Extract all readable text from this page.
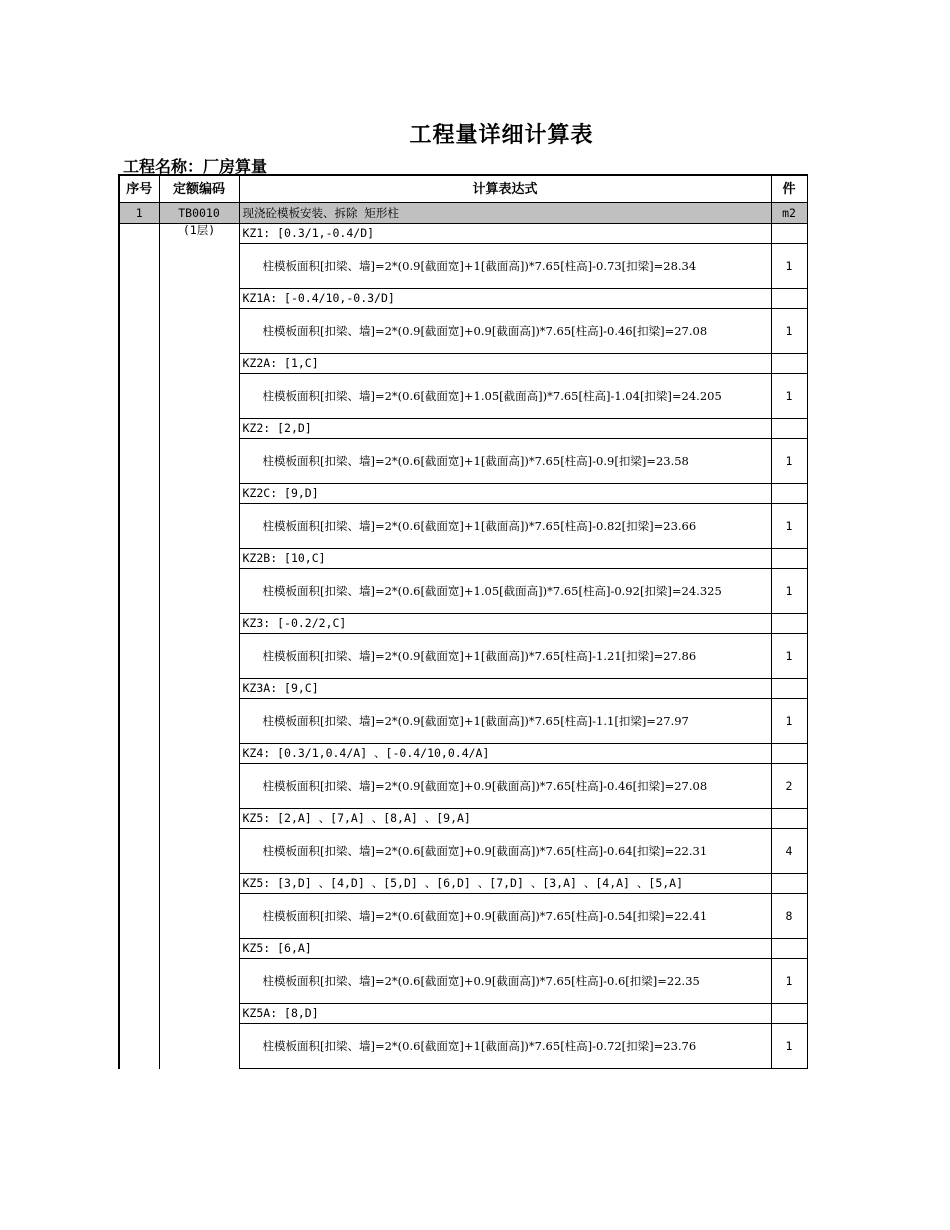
工程量详细计算表
工程名称：厂房算量
序号	定额编码	计算表达式	件
1	TB0010	现浇砼模板安装、拆除 矩形柱	m2
	(1层)	KZ1: [0.3/1,-0.4/D]	
		柱模板面积[扣梁、墙]=2*(0.9[截面宽]+1[截面高])*7.65[柱高]-0.73[扣梁]=28.34	1
		KZ1A: [-0.4/10,-0.3/D]	
		柱模板面积[扣梁、墙]=2*(0.9[截面宽]+0.9[截面高])*7.65[柱高]-0.46[扣梁]=27.08	1
		KZ2A: [1,C]	
		柱模板面积[扣梁、墙]=2*(0.6[截面宽]+1.05[截面高])*7.65[柱高]-1.04[扣梁]=24.205	1
		KZ2: [2,D]	
		柱模板面积[扣梁、墙]=2*(0.6[截面宽]+1[截面高])*7.65[柱高]-0.9[扣梁]=23.58	1
		KZ2C: [9,D]	
		柱模板面积[扣梁、墙]=2*(0.6[截面宽]+1[截面高])*7.65[柱高]-0.82[扣梁]=23.66	1
		KZ2B: [10,C]	
		柱模板面积[扣梁、墙]=2*(0.6[截面宽]+1.05[截面高])*7.65[柱高]-0.92[扣梁]=24.325	1
		KZ3: [-0.2/2,C]	
		柱模板面积[扣梁、墙]=2*(0.9[截面宽]+1[截面高])*7.65[柱高]-1.21[扣梁]=27.86	1
		KZ3A: [9,C]	
		柱模板面积[扣梁、墙]=2*(0.9[截面宽]+1[截面高])*7.65[柱高]-1.1[扣梁]=27.97	1
		KZ4: [0.3/1,0.4/A] 、[-0.4/10,0.4/A]	
		柱模板面积[扣梁、墙]=2*(0.9[截面宽]+0.9[截面高])*7.65[柱高]-0.46[扣梁]=27.08	2
		KZ5: [2,A] 、[7,A] 、[8,A] 、[9,A]	
		柱模板面积[扣梁、墙]=2*(0.6[截面宽]+0.9[截面高])*7.65[柱高]-0.64[扣梁]=22.31	4
		KZ5: [3,D] 、[4,D] 、[5,D] 、[6,D] 、[7,D] 、[3,A] 、[4,A] 、[5,A]	
		柱模板面积[扣梁、墙]=2*(0.6[截面宽]+0.9[截面高])*7.65[柱高]-0.54[扣梁]=22.41	8
		KZ5: [6,A]	
		柱模板面积[扣梁、墙]=2*(0.6[截面宽]+0.9[截面高])*7.65[柱高]-0.6[扣梁]=22.35	1
		KZ5A: [8,D]	
		柱模板面积[扣梁、墙]=2*(0.6[截面宽]+1[截面高])*7.65[柱高]-0.72[扣梁]=23.76	1
